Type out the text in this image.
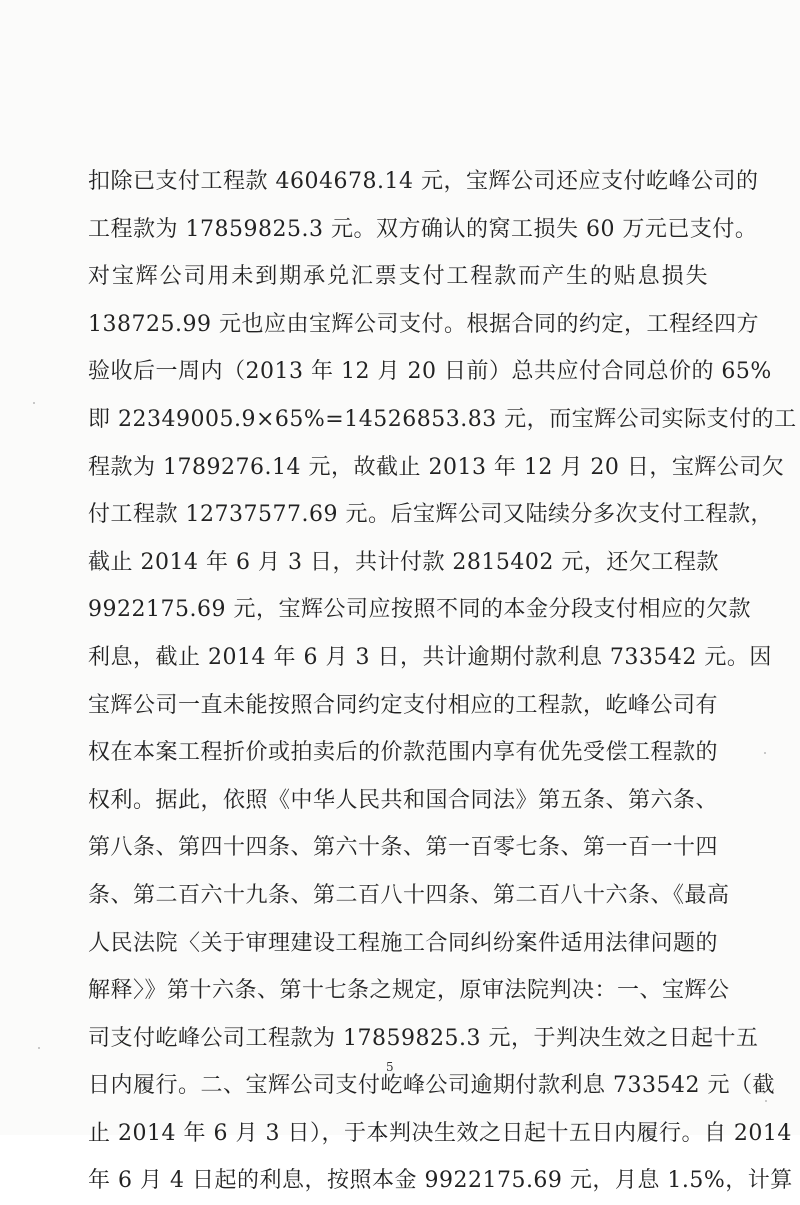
扣除已支付工程款 4604678.14 元，宝辉公司还应支付屹峰公司的
工程款为 17859825.3 元。双方确认的窝工损失 60 万元已支付。
对宝辉公司用未到期承兑汇票支付工程款而产生的贴息损失
138725.99 元也应由宝辉公司支付。根据合同的约定，工程经四方
验收后一周内（2013 年 12 月 20 日前）总共应付合同总价的 65%
即 22349005.9×65%=14526853.83 元，而宝辉公司实际支付的工
程款为 1789276.14 元，故截止 2013 年 12 月 20 日，宝辉公司欠
付工程款 12737577.69 元。后宝辉公司又陆续分多次支付工程款，
截止 2014 年 6 月 3 日，共计付款 2815402 元，还欠工程款
9922175.69 元，宝辉公司应按照不同的本金分段支付相应的欠款
利息，截止 2014 年 6 月 3 日，共计逾期付款利息 733542 元。因
宝辉公司一直未能按照合同约定支付相应的工程款，屹峰公司有
权在本案工程折价或拍卖后的价款范围内享有优先受偿工程款的
权利。据此，依照《中华人民共和国合同法》第五条、第六条、
第八条、第四十四条、第六十条、第一百零七条、第一百一十四
条、第二百六十九条、第二百八十四条、第二百八十六条、《最高
人民法院〈关于审理建设工程施工合同纠纷案件适用法律问题的
解释〉》第十六条、第十七条之规定，原审法院判决：一、宝辉公
司支付屹峰公司工程款为 17859825.3 元，于判决生效之日起十五
日内履行。二、宝辉公司支付屹峰公司逾期付款利息 733542 元（截
止 2014 年 6 月 3 日），于本判决生效之日起十五日内履行。自 2014
年 6 月 4 日起的利息，按照本金 9922175.69 元，月息 1.5%，计算
5
